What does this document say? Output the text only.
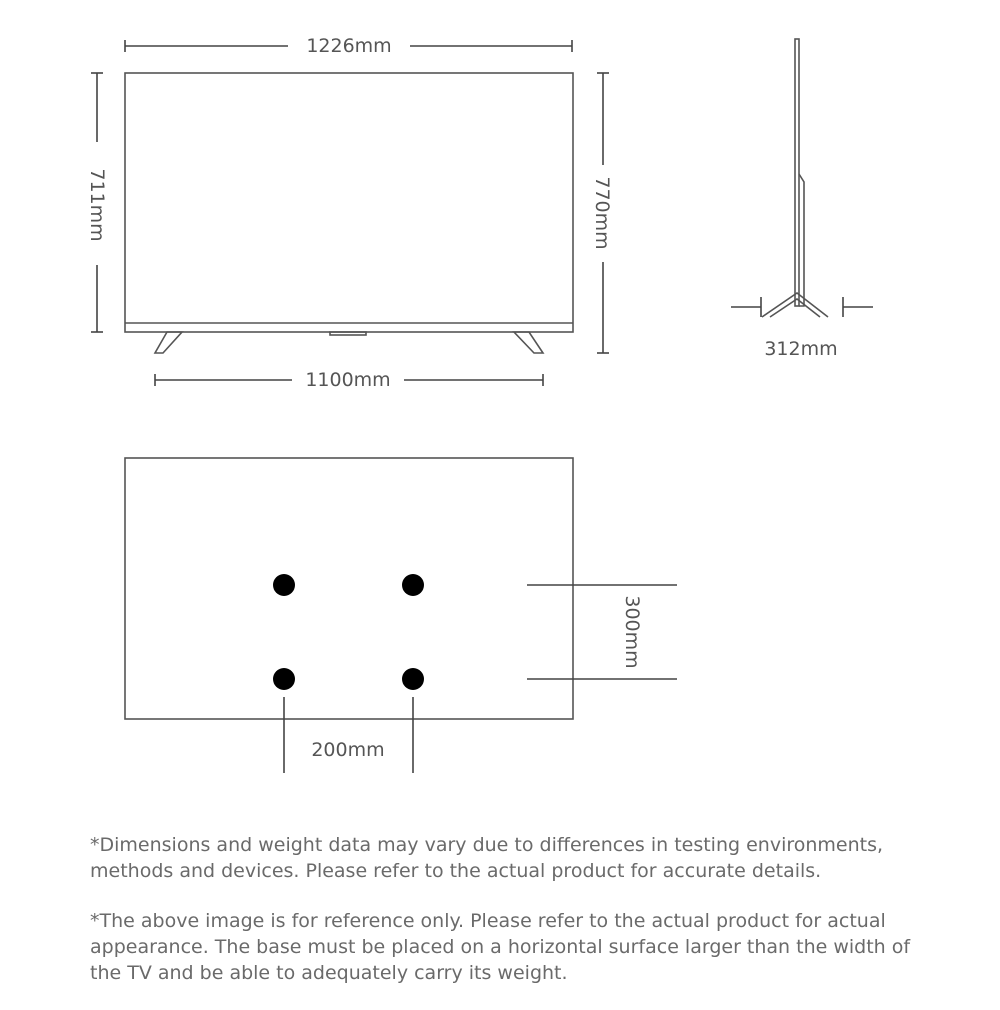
1226mm
711mm	770mm
1100mm
312mm
300mm
200mm

*Dimensions and weight data may vary due to differences in testing environments, methods and devices. Please refer to the actual product for accurate details.

*The above image is for reference only. Please refer to the actual product for actual appearance. The base must be placed on a horizontal surface larger than the width of the TV and be able to adequately carry its weight.
